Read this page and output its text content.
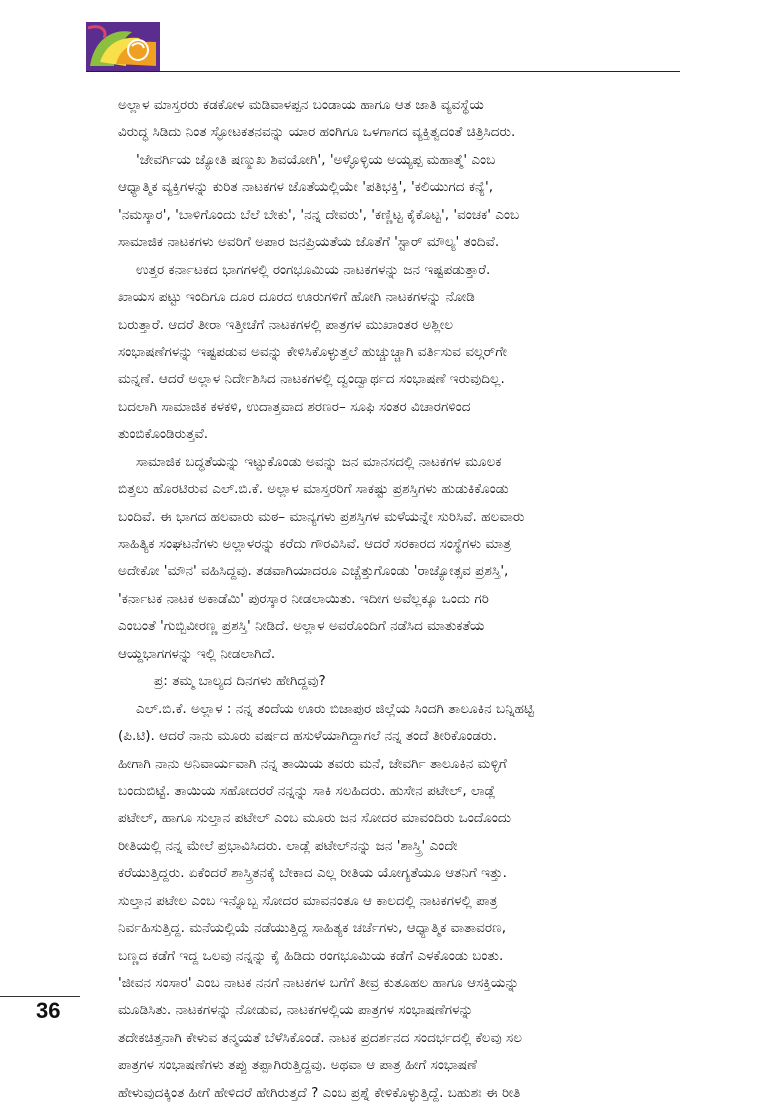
ಅಲ್ಲಾಳ ಮಾಸ್ತರರು ಕಡಕೋಳ ಮಡಿವಾಳಪ್ಪನ ಬಂಡಾಯ ಹಾಗೂ ಆತ ಜಾತಿ ವ್ಯವಸ್ಥೆಯ
ವಿರುದ್ಧ ಸಿಡಿದು ನಿಂತ ಸ್ಫೋಟಕತನವನ್ನು ಯಾರ ಹಂಗಿಗೂ ಒಳಗಾಗದ ವ್ಯಕ್ತಿತ್ವದಂತೆ ಚಿತ್ರಿಸಿದರು.
'ಜೇವರ್ಗಿಯ ಜ್ಯೋತಿ ಷಣ್ಮುಖ ಶಿವಯೋಗಿ', 'ಅಳ್ಳೊಳ್ಳಿಯ ಅಯ್ಯಪ್ಪ ಮಹಾತ್ಮೆ' ಎಂಬ
ಆಧ್ಯಾತ್ಮಿಕ ವ್ಯಕ್ತಿಗಳನ್ನು ಕುರಿತ ನಾಟಕಗಳ ಜೊತೆಯಲ್ಲಿಯೇ 'ಪತಿಭಕ್ತಿ', 'ಕಲಿಯುಗದ ಕನ್ಯೆ',
'ನಮಸ್ಕಾರ', 'ಬಾಳಿಗೊಂದು ಬೆಲೆ ಬೇಕು', 'ನನ್ನ ದೇವರು', 'ಕಣ್ಣಿಟ್ಟ ಕೈಕೊಟ್ಟ', 'ವಂಚಕ' ಎಂಬ
ಸಾಮಾಜಿಕ ನಾಟಕಗಳು ಅವರಿಗೆ ಅಪಾರ ಜನಪ್ರಿಯತೆಯ ಜೊತೆಗೆ 'ಸ್ಟಾರ್ ಮೌಲ್ಯ' ತಂದಿವೆ.
ಉತ್ತರ ಕರ್ನಾಟಕದ ಭಾಗಗಳಲ್ಲಿ ರಂಗಭೂಮಿಯ ನಾಟಕಗಳನ್ನು ಜನ ಇಷ್ಟಪಡುತ್ತಾರೆ.
ಖಾಯಸ ಪಟ್ಟು ಇಂದಿಗೂ ದೂರ ದೂರದ ಊರುಗಳಿಗೆ ಹೋಗಿ ನಾಟಕಗಳನ್ನು ನೋಡಿ
ಬರುತ್ತಾರೆ. ಆದರೆ ತೀರಾ ಇತ್ತೀಚೆಗೆ ನಾಟಕಗಳಲ್ಲಿ ಪಾತ್ರಗಳ ಮುಖಾಂತರ ಅಶ್ಲೀಲ
ಸಂಭಾಷಣೆಗಳನ್ನು ಇಷ್ಟಪಡುವ ಅವನ್ನು ಕೇಳಿಸಿಕೊಳ್ಳುತ್ತಲೆ ಹುಚ್ಚುಚ್ಚಾಗಿ ವರ್ತಿಸುವ ವಲ್ಗರ್‌ಗೇ
ಮನ್ನಣೆ. ಆದರೆ ಅಲ್ಲಾಳ ನಿರ್ದೇಶಿಸಿದ ನಾಟಕಗಳಲ್ಲಿ ದ್ವಂದ್ವಾರ್ಥದ ಸಂಭಾಷಣೆ ಇರುವುದಿಲ್ಲ.
ಬದಲಾಗಿ ಸಾಮಾಜಿಕ ಕಳಕಳಿ, ಉದಾತ್ತವಾದ ಶರಣರ– ಸೂಫಿ ಸಂತರ ವಿಚಾರಗಳಿಂದ
ತುಂಬಿಕೊಂಡಿರುತ್ತವೆ.
ಸಾಮಾಜಿಕ ಬದ್ಧತೆಯನ್ನು ಇಟ್ಟುಕೊಂಡು ಅವನ್ನು ಜನ ಮಾನಸದಲ್ಲಿ ನಾಟಕಗಳ ಮೂಲಕ
ಬಿತ್ತಲು ಹೊರಟಿರುವ ಎಲ್.ಬಿ.ಕೆ. ಅಲ್ಲಾಳ ಮಾಸ್ತರರಿಗೆ ಸಾಕಷ್ಟು ಪ್ರಶಸ್ತಿಗಳು ಹುಡುಕಿಕೊಂಡು
ಬಂದಿವೆ. ಈ ಭಾಗದ ಹಲವಾರು ಮಠ– ಮಾನ್ಯಗಳು ಪ್ರಶಸ್ತಿಗಳ ಮಳೆಯನ್ನೇ ಸುರಿಸಿವೆ. ಹಲವಾರು
ಸಾಹಿತ್ಯಿಕ ಸಂಘಟನೆಗಳು ಅಲ್ಲಾಳರನ್ನು ಕರೆದು ಗೌರವಿಸಿವೆ. ಆದರೆ ಸರಕಾರದ ಸಂಸ್ಥೆಗಳು ಮಾತ್ರ
ಅದೇಕೋ 'ಮೌನ' ವಹಿಸಿದ್ದವು. ತಡವಾಗಿಯಾದರೂ ಎಚ್ಚೆತ್ತುಗೊಂಡು 'ರಾಜ್ಯೋತ್ಸವ ಪ್ರಶಸ್ತಿ',
'ಕರ್ನಾಟಕ ನಾಟಕ ಅಕಾಡೆಮಿ' ಪುರಸ್ಕಾರ ನೀಡಲಾಯಿತು. ಇದೀಗ ಅವೆಲ್ಲಕ್ಕೂ ಒಂದು ಗರಿ
ಎಂಬಂತೆ 'ಗುಬ್ಬಿವೀರಣ್ಣ ಪ್ರಶಸ್ತಿ' ನೀಡಿದೆ. ಅಲ್ಲಾಳ ಅವರೊಂದಿಗೆ ನಡೆಸಿದ ಮಾತುಕತೆಯ
ಆಯ್ದಭಾಗಗಳನ್ನು ಇಲ್ಲಿ ನೀಡಲಾಗಿದೆ.
ಪ್ರ: ತಮ್ಮ ಬಾಲ್ಯದ ದಿನಗಳು ಹೇಗಿದ್ದವು?
ಎಲ್.ಬಿ.ಕೆ. ಅಲ್ಲಾಳ : ನನ್ನ ತಂದೆಯ ಊರು ಬಿಜಾಪುರ ಜಿಲ್ಲೆಯ ಸಿಂದಗಿ ತಾಲೂಕಿನ ಬನ್ನಿಹಟ್ಟಿ
(ಪಿ.ಟಿ). ಆದರೆ ನಾನು ಮೂರು ವರ್ಷದ ಹಸುಳೆಯಾಗಿದ್ದಾಗಲೆ ನನ್ನ ತಂದೆ ತೀರಿಕೊಂಡರು.
ಹೀಗಾಗಿ ನಾನು ಅನಿವಾರ್ಯವಾಗಿ ನನ್ನ ತಾಯಿಯ ತವರು ಮನೆ, ಜೇವರ್ಗಿ ತಾಲೂಕಿನ ಮಳ್ಳಿಗೆ
ಬಂದುಬಿಟ್ಟೆ. ತಾಯಿಯ ಸಹೋದರರೆ ನನ್ನನ್ನು ಸಾಕಿ ಸಲಹಿದರು. ಹುಸೇನ ಪಟೇಲ್, ಲಾಡ್ಲೆ
ಪಟೇಲ್, ಹಾಗೂ ಸುಲ್ತಾನ ಪಟೇಲ್ ಎಂಬ ಮೂರು ಜನ ಸೋದರ ಮಾವಂದಿರು ಒಂದೊಂದು
ರೀತಿಯಲ್ಲಿ ನನ್ನ ಮೇಲೆ ಪ್ರಭಾವಿಸಿದರು. ಲಾಡ್ಲೆ ಪಟೇಲ್‌ನನ್ನು ಜನ 'ಶಾಸ್ತ್ರಿ' ಎಂದೇ
ಕರೆಯುತ್ತಿದ್ದರು. ಏಕೆಂದರೆ ಶಾಸ್ತ್ರಿತನಕ್ಕೆ ಬೇಕಾದ ಎಲ್ಲ ರೀತಿಯ ಯೋಗ್ಯತೆಯೂ ಆತನಿಗೆ ಇತ್ತು.
ಸುಲ್ತಾನ ಪಟೇಲ ಎಂಬ ಇನ್ನೊಬ್ಬ ಸೋದರ ಮಾವನಂತೂ ಆ ಕಾಲದಲ್ಲಿ ನಾಟಕಗಳಲ್ಲಿ ಪಾತ್ರ
ನಿರ್ವಹಿಸುತ್ತಿದ್ದ. ಮನೆಯಲ್ಲಿಯೆ ನಡೆಯುತ್ತಿದ್ದ ಸಾಹಿತ್ಯಕ ಚರ್ಚೆಗಳು, ಆಧ್ಯಾತ್ಮಿಕ ವಾತಾವರಣ,
ಬಣ್ಣದ ಕಡೆಗೆ ಇದ್ದ ಒಲವು ನನ್ನನ್ನು ಕೈ ಹಿಡಿದು ರಂಗಭೂಮಿಯ ಕಡೆಗೆ ಎಳಕೊಂಡು ಬಂತು.
'ಜೀವನ ಸಂಸಾರ' ಎಂಬ ನಾಟಕ ನನಗೆ ನಾಟಕಗಳ ಬಗೆಗೆ ತೀವ್ರ ಕುತೂಹಲ ಹಾಗೂ ಆಸಕ್ತಿಯನ್ನು
ಮೂಡಿಸಿತು. ನಾಟಕಗಳನ್ನು ನೋಡುವ, ನಾಟಕಗಳಲ್ಲಿಯ ಪಾತ್ರಗಳ ಸಂಭಾಷಣೆಗಳನ್ನು
ತದೇಕಚಿತ್ತನಾಗಿ ಕೇಳುವ ತನ್ಮಯತೆ ಬೆಳೆಸಿಕೊಂಡೆ. ನಾಟಕ ಪ್ರದರ್ಶನದ ಸಂದರ್ಭದಲ್ಲಿ ಕೆಲವು ಸಲ
ಪಾತ್ರಗಳ ಸಂಭಾಷಣೆಗಳು ತಪ್ಪು ತಪ್ಪಾಗಿರುತ್ತಿದ್ದವು. ಅಥವಾ ಆ ಪಾತ್ರ ಹೀಗೆ ಸಂಭಾಷಣೆ
ಹೇಳುವುದಕ್ಕಿಂತ ಹೀಗೆ ಹೇಳಿದರೆ ಹೇಗಿರುತ್ತದೆ ? ಎಂಬ ಪ್ರಶ್ನೆ ಕೇಳಿಕೊಳ್ಳುತ್ತಿದ್ದೆ. ಬಹುಶಃ ಈ ರೀತಿ
36
